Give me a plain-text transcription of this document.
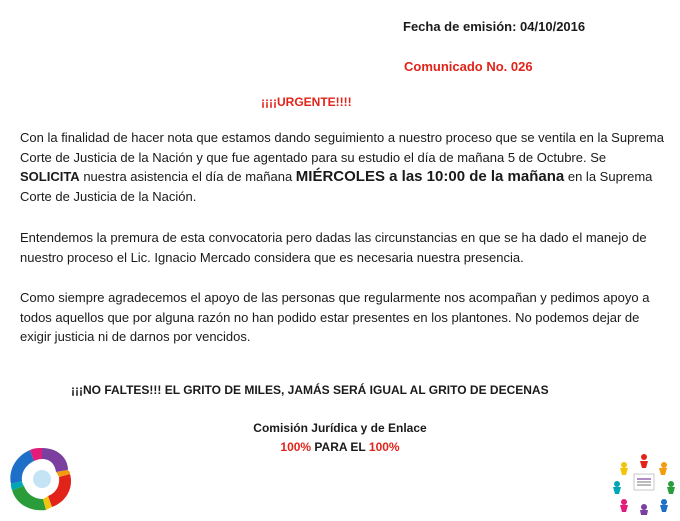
Fecha de emisión: 04/10/2016
Comunicado No. 026
¡¡¡¡URGENTE!!!!
Con la finalidad de hacer nota que estamos dando seguimiento a nuestro proceso que se ventila en la Suprema Corte de Justicia de la Nación y que fue agentado para su estudio el día de mañana 5 de Octubre. Se SOLICITA nuestra asistencia el día de mañana MIÉRCOLES a las 10:00 de la mañana en la Suprema Corte de Justicia de la Nación.
Entendemos la premura de esta convocatoria pero dadas las circunstancias en que se ha dado el manejo de nuestro proceso el Lic. Ignacio Mercado considera que es necesaria nuestra presencia.
Como siempre agradecemos el apoyo de las personas que regularmente nos acompañan y pedimos apoyo a todos aquellos que por alguna razón no han podido estar presentes en los plantones. No podemos dejar de exigir justicia ni de darnos por vencidos.
¡¡¡NO FALTES!!! EL GRITO DE MILES, JAMÁS SERÁ IGUAL AL GRITO DE DECENAS
Comisión Jurídica y de Enlace
100% PARA EL 100%
